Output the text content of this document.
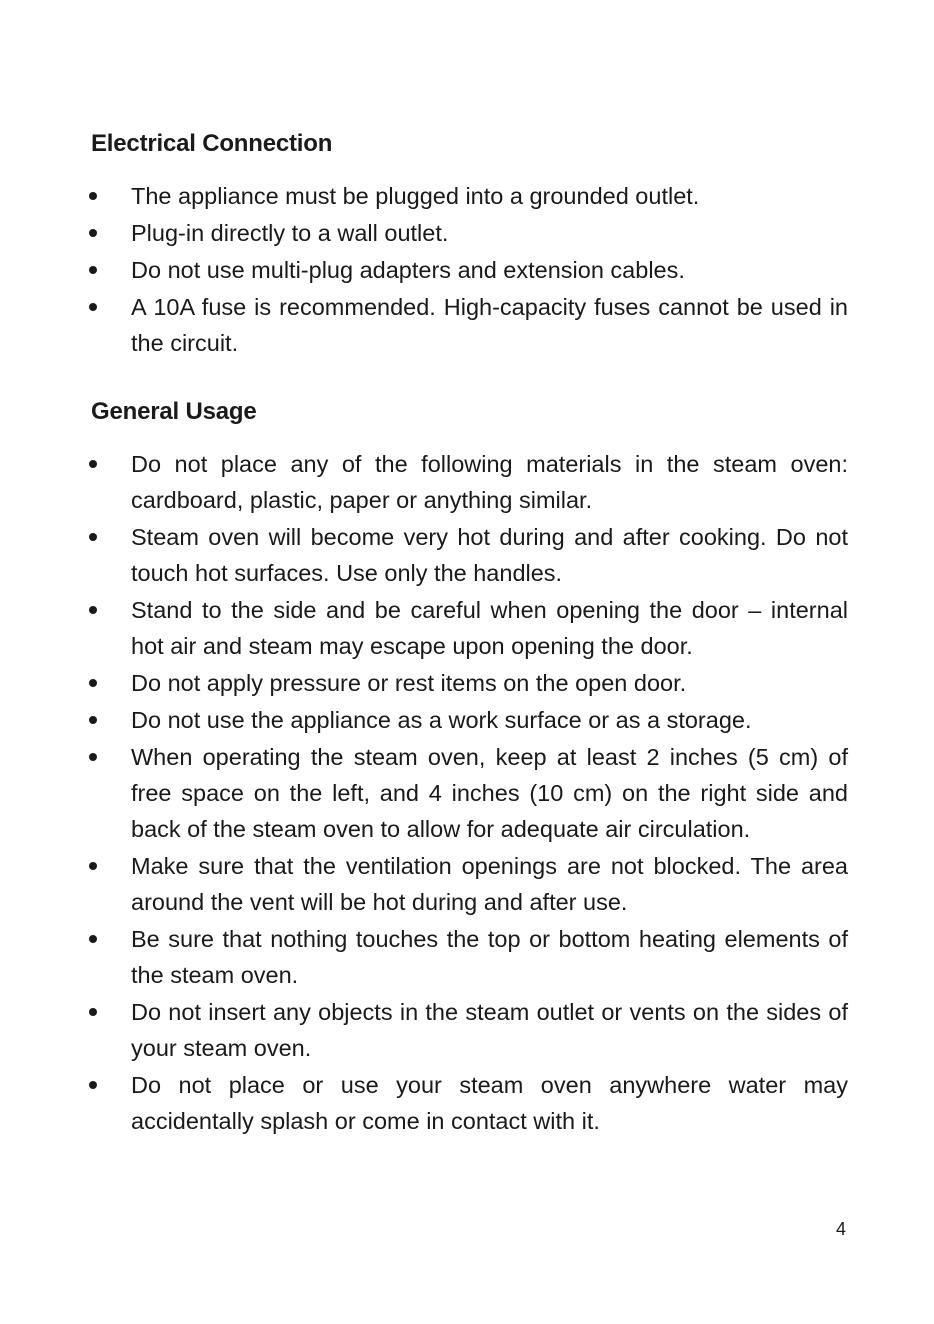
Electrical Connection
The appliance must be plugged into a grounded outlet.
Plug-in directly to a wall outlet.
Do not use multi-plug adapters and extension cables.
A 10A fuse is recommended. High-capacity fuses cannot be used in the circuit.
General Usage
Do not place any of the following materials in the steam oven: cardboard, plastic, paper or anything similar.
Steam oven will become very hot during and after cooking. Do not touch hot surfaces. Use only the handles.
Stand to the side and be careful when opening the door – internal hot air and steam may escape upon opening the door.
Do not apply pressure or rest items on the open door.
Do not use the appliance as a work surface or as a storage.
When operating the steam oven, keep at least 2 inches (5 cm) of free space on the left, and 4 inches (10 cm) on the right side and back of the steam oven to allow for adequate air circulation.
Make sure that the ventilation openings are not blocked. The area around the vent will be hot during and after use.
Be sure that nothing touches the top or bottom heating elements of the steam oven.
Do not insert any objects in the steam outlet or vents on the sides of your steam oven.
Do not place or use your steam oven anywhere water may accidentally splash or come in contact with it.
4
